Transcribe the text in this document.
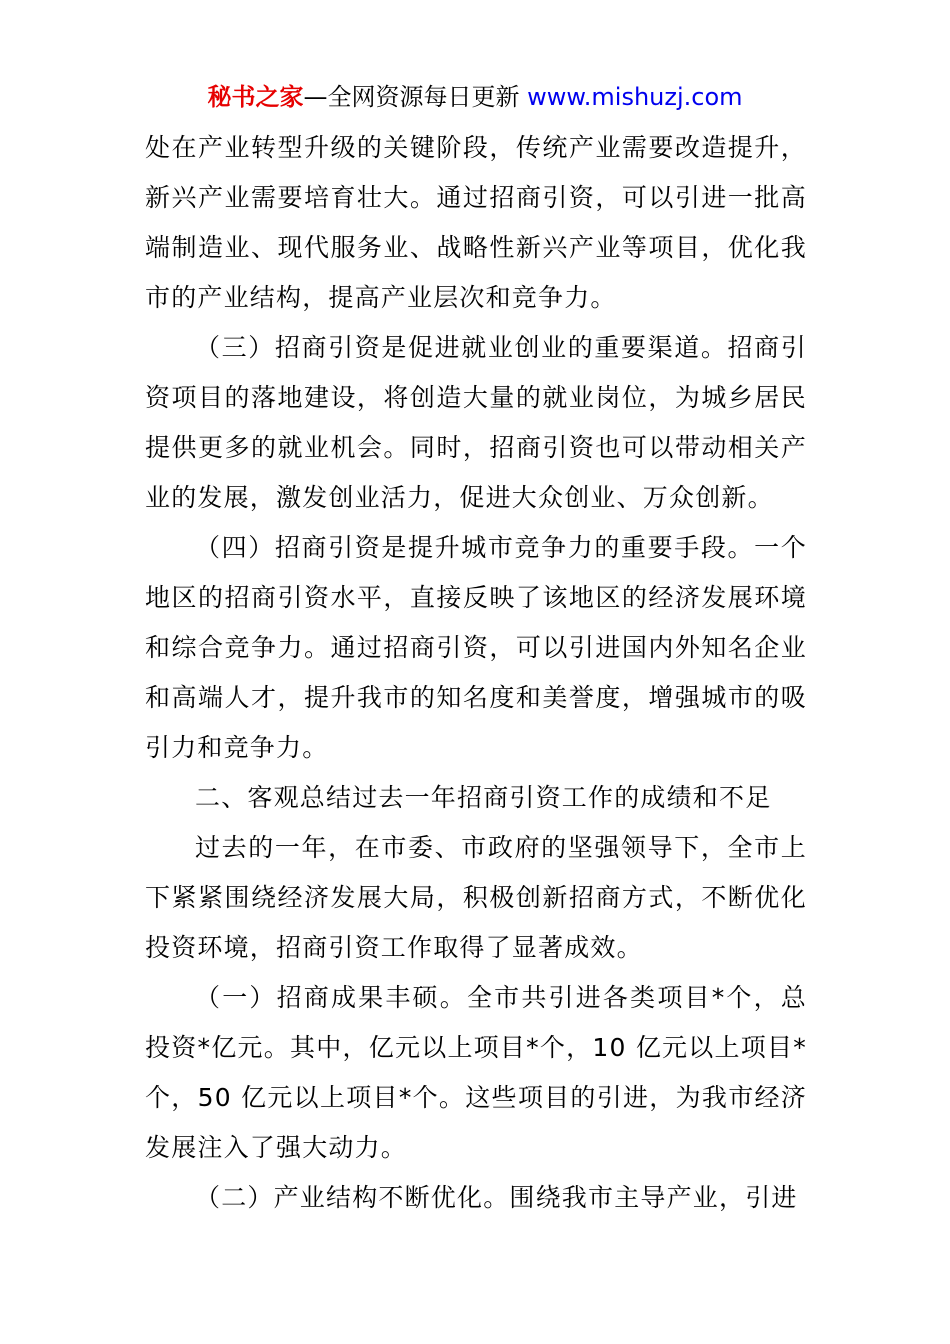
秘书之家—全网资源每日更新 www.mishuzj.com

处在产业转型升级的关键阶段，传统产业需要改造提升，新兴产业需要培育壮大。通过招商引资，可以引进一批高端制造业、现代服务业、战略性新兴产业等项目，优化我市的产业结构，提高产业层次和竞争力。

（三）招商引资是促进就业创业的重要渠道。招商引资项目的落地建设，将创造大量的就业岗位，为城乡居民提供更多的就业机会。同时，招商引资也可以带动相关产业的发展，激发创业活力，促进大众创业、万众创新。

（四）招商引资是提升城市竞争力的重要手段。一个地区的招商引资水平，直接反映了该地区的经济发展环境和综合竞争力。通过招商引资，可以引进国内外知名企业和高端人才，提升我市的知名度和美誉度，增强城市的吸引力和竞争力。

二、客观总结过去一年招商引资工作的成绩和不足

过去的一年，在市委、市政府的坚强领导下，全市上下紧紧围绕经济发展大局，积极创新招商方式，不断优化投资环境，招商引资工作取得了显著成效。

（一）招商成果丰硕。全市共引进各类项目*个，总投资*亿元。其中，亿元以上项目*个，10 亿元以上项目*个，50 亿元以上项目*个。这些项目的引进，为我市经济发展注入了强大动力。

（二）产业结构不断优化。围绕我市主导产业，引进
